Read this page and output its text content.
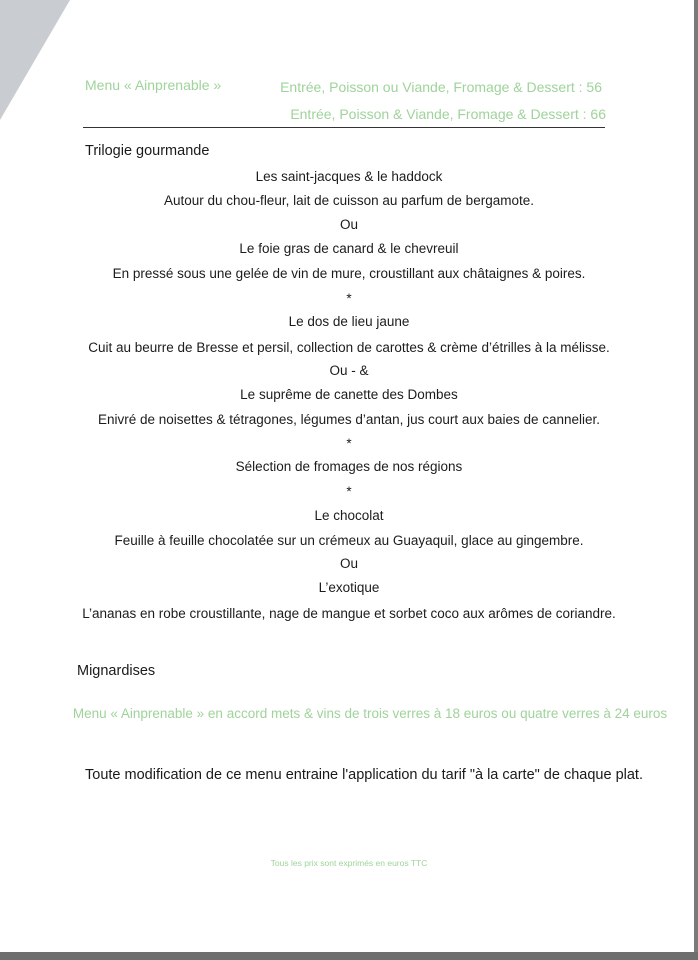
Menu « Ainprenable »	Entrée, Poisson ou Viande, Fromage & Dessert : 56
Entrée, Poisson & Viande, Fromage & Dessert : 66
Trilogie gourmande
Les saint-jacques & le haddock
Autour du chou-fleur, lait de cuisson au parfum de bergamote.
Ou
Le foie gras de canard & le chevreuil
En pressé sous une gelée de vin de mure, croustillant aux châtaignes & poires.
*
Le dos de lieu jaune
Cuit au beurre de Bresse et persil, collection de carottes & crème d’étrilles à la mélisse.
Ou - &
Le suprême de canette des Dombes
Enivré de noisettes & tétragones, légumes d’antan, jus court aux baies de cannelier.
*
Sélection de fromages de nos régions
*
Le chocolat
Feuille à feuille chocolatée sur un crémeux au Guayaquil, glace au gingembre.
Ou
L’exotique
L’ananas en robe croustillante, nage de mangue et sorbet coco aux arômes de coriandre.
Mignardises
Menu « Ainprenable » en accord mets & vins de trois verres à 18 euros ou quatre verres à 24 euros
Toute modification de ce menu entraine l'application du tarif "à la carte" de chaque plat.
Tous les prix sont exprimés en euros TTC
